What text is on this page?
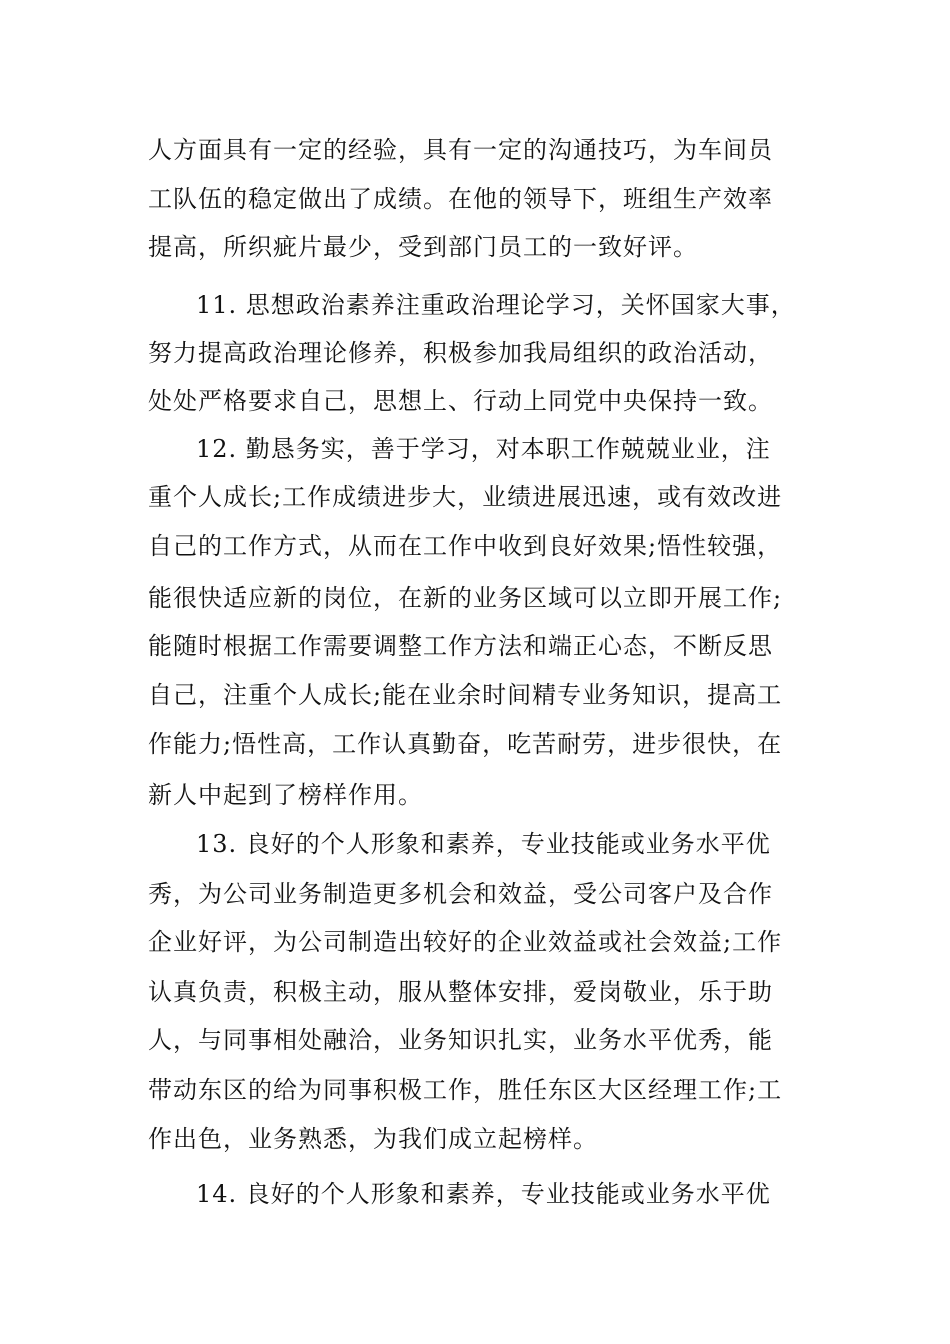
人方面具有一定的经验，具有一定的沟通技巧，为车间员
工队伍的稳定做出了成绩。在他的领导下，班组生产效率
提高，所织疵片最少，受到部门员工的一致好评。
11. 思想政治素养注重政治理论学习，关怀国家大事，
努力提高政治理论修养，积极参加我局组织的政治活动，
处处严格要求自己，思想上、行动上同党中央保持一致。
12. 勤恳务实，善于学习，对本职工作兢兢业业，注
重个人成长;工作成绩进步大，业绩进展迅速，或有效改进
自己的工作方式，从而在工作中收到良好效果;悟性较强，
能很快适应新的岗位，在新的业务区域可以立即开展工作;
能随时根据工作需要调整工作方法和端正心态，不断反思
自己，注重个人成长;能在业余时间精专业务知识，提高工
作能力;悟性高，工作认真勤奋，吃苦耐劳，进步很快，在
新人中起到了榜样作用。
13. 良好的个人形象和素养，专业技能或业务水平优
秀，为公司业务制造更多机会和效益，受公司客户及合作
企业好评，为公司制造出较好的企业效益或社会效益;工作
认真负责，积极主动，服从整体安排，爱岗敬业，乐于助
人，与同事相处融洽，业务知识扎实，业务水平优秀，能
带动东区的给为同事积极工作，胜任东区大区经理工作;工
作出色，业务熟悉，为我们成立起榜样。
14. 良好的个人形象和素养，专业技能或业务水平优
